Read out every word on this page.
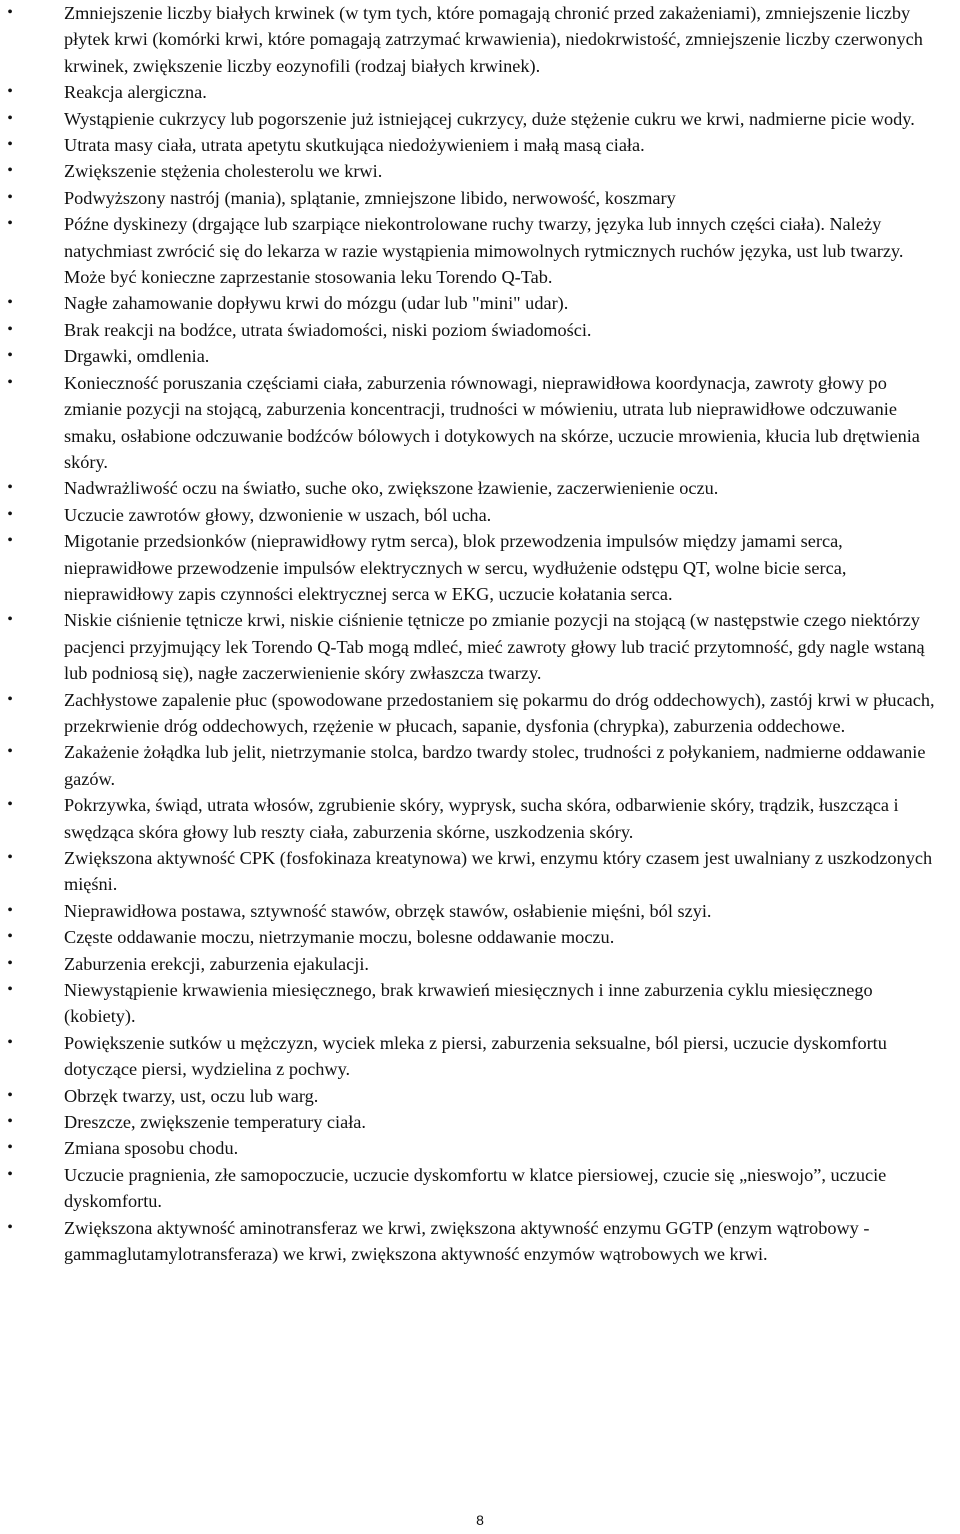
•	Zmniejszenie liczby białych krwinek (w tym tych, które pomagają chronić przed zakażeniami), zmniejszenie liczby płytek krwi (komórki krwi, które pomagają zatrzymać krwawienia), niedokrwistość, zmniejszenie liczby czerwonych krwinek, zwiększenie liczby eozynofili (rodzaj białych krwinek).
•	Reakcja alergiczna.
•	Wystąpienie cukrzycy lub pogorszenie już istniejącej cukrzycy, duże stężenie cukru we krwi, nadmierne picie wody.
•	Utrata masy ciała, utrata apetytu skutkująca niedożywieniem i małą masą ciała.
•	Zwiększenie stężenia cholesterolu we krwi.
•	Podwyższony nastrój (mania), splątanie, zmniejszone libido, nerwowość, koszmary
•	Późne dyskinezy (drgające lub szarpiące niekontrolowane ruchy twarzy, języka lub innych części ciała). Należy natychmiast zwrócić się do lekarza w razie wystąpienia mimowolnych rytmicznych ruchów języka, ust lub twarzy. Może być konieczne zaprzestanie stosowania leku Torendo Q-Tab.
•	Nagłe zahamowanie dopływu krwi do mózgu (udar lub "mini" udar).
•	Brak reakcji na bodźce, utrata świadomości, niski poziom świadomości.
•	Drgawki, omdlenia.
•	Konieczność poruszania częściami ciała, zaburzenia równowagi, nieprawidłowa koordynacja, zawroty głowy po zmianie pozycji na stojącą, zaburzenia koncentracji, trudności w mówieniu, utrata lub nieprawidłowe odczuwanie smaku, osłabione odczuwanie bodźców bólowych i dotykowych na skórze, uczucie mrowienia, kłucia lub drętwienia skóry.
•	Nadwrażliwość oczu na światło, suche oko, zwiększone łzawienie, zaczerwienienie oczu.
•	Uczucie zawrotów głowy, dzwonienie w uszach, ból ucha.
•	Migotanie przedsionków (nieprawidłowy rytm serca), blok przewodzenia impulsów między jamami serca, nieprawidłowe przewodzenie impulsów elektrycznych w sercu, wydłużenie odstępu QT, wolne bicie serca, nieprawidłowy zapis czynności elektrycznej serca w EKG, uczucie kołatania serca.
•	Niskie ciśnienie tętnicze krwi, niskie ciśnienie tętnicze po zmianie pozycji na stojącą (w następstwie czego niektórzy pacjenci przyjmujący lek Torendo Q-Tab mogą mdleć, mieć zawroty głowy lub tracić przytomność, gdy nagle wstaną lub podniosą się), nagłe zaczerwienienie skóry zwłaszcza twarzy.
•	Zachłystowe zapalenie płuc (spowodowane przedostaniem się pokarmu do dróg oddechowych), zastój krwi w płucach, przekrwienie dróg oddechowych, rzężenie w płucach, sapanie, dysfonia (chrypka), zaburzenia oddechowe.
•	Zakażenie żołądka lub jelit, nietrzymanie stolca, bardzo twardy stolec, trudności z połykaniem, nadmierne oddawanie gazów.
•	Pokrzywka, świąd, utrata włosów, zgrubienie skóry, wyprysk, sucha skóra, odbarwienie skóry, trądzik, łuszcząca i swędząca skóra głowy lub reszty ciała, zaburzenia skórne, uszkodzenia skóry.
•	Zwiększona aktywność CPK (fosfokinaza kreatynowa) we krwi, enzymu który czasem jest uwalniany z uszkodzonych mięśni.
•	Nieprawidłowa postawa, sztywność stawów, obrzęk stawów, osłabienie mięśni, ból szyi.
•	Częste oddawanie moczu, nietrzymanie moczu, bolesne oddawanie moczu.
•	Zaburzenia erekcji, zaburzenia ejakulacji.
•	Niewystąpienie krwawienia miesięcznego, brak krwawień miesięcznych i inne zaburzenia cyklu miesięcznego (kobiety).
•	Powiększenie sutków u mężczyzn, wyciek mleka z piersi, zaburzenia seksualne, ból piersi, uczucie dyskomfortu dotyczące piersi, wydzielina z pochwy.
•	Obrzęk twarzy, ust, oczu lub warg.
•	Dreszcze, zwiększenie temperatury ciała.
•	Zmiana sposobu chodu.
•	Uczucie pragnienia, złe samopoczucie, uczucie dyskomfortu w klatce piersiowej, czucie się „nieswojo”, uczucie dyskomfortu.
•	Zwiększona aktywność aminotransferaz we krwi, zwiększona aktywność enzymu GGTP (enzym wątrobowy - gammaglutamylotransferaza) we krwi, zwiększona aktywność enzymów wątrobowych we krwi.
8
